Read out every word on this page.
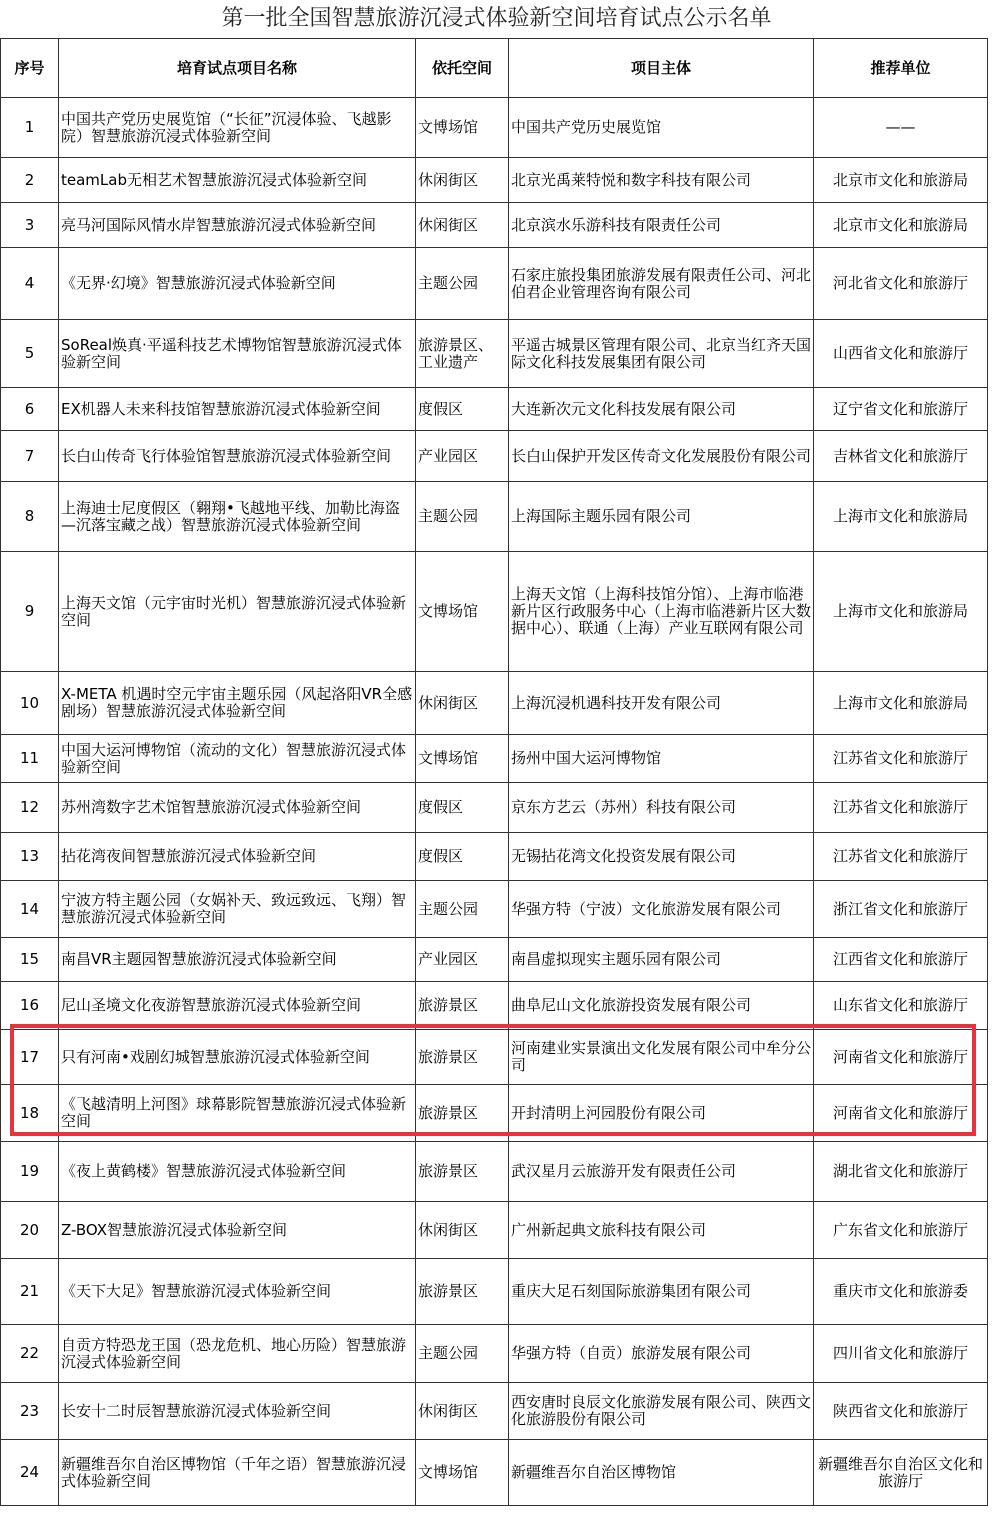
第一批全国智慧旅游沉浸式体验新空间培育试点公示名单
序号	培育试点项目名称	依托空间	项目主体	推荐单位
1	中国共产党历史展览馆（“长征”沉浸体验、飞越影院）智慧旅游沉浸式体验新空间	文博场馆	中国共产党历史展览馆	——
2	teamLab无相艺术智慧旅游沉浸式体验新空间	休闲街区	北京光禹莱特悦和数字科技有限公司	北京市文化和旅游局
3	亮马河国际风情水岸智慧旅游沉浸式体验新空间	休闲街区	北京滨水乐游科技有限责任公司	北京市文化和旅游局
4	《无界·幻境》智慧旅游沉浸式体验新空间	主题公园	石家庄旅投集团旅游发展有限责任公司、河北伯君企业管理咨询有限公司	河北省文化和旅游厅
5	SoReal焕真·平遥科技艺术博物馆智慧旅游沉浸式体验新空间	旅游景区、工业遗产	平遥古城景区管理有限公司、北京当红齐天国际文化科技发展集团有限公司	山西省文化和旅游厅
6	EX机器人未来科技馆智慧旅游沉浸式体验新空间	度假区	大连新次元文化科技发展有限公司	辽宁省文化和旅游厅
7	长白山传奇飞行体验馆智慧旅游沉浸式体验新空间	产业园区	长白山保护开发区传奇文化发展股份有限公司	吉林省文化和旅游厅
8	上海迪士尼度假区（翱翔•飞越地平线、加勒比海盗—沉落宝藏之战）智慧旅游沉浸式体验新空间	主题公园	上海国际主题乐园有限公司	上海市文化和旅游局
9	上海天文馆（元宇宙时光机）智慧旅游沉浸式体验新空间	文博场馆	上海天文馆（上海科技馆分馆）、上海市临港新片区行政服务中心（上海市临港新片区大数据中心）、联通（上海）产业互联网有限公司	上海市文化和旅游局
10	X-META 机遇时空元宇宙主题乐园（风起洛阳VR全感剧场）智慧旅游沉浸式体验新空间	休闲街区	上海沉浸机遇科技开发有限公司	上海市文化和旅游局
11	中国大运河博物馆（流动的文化）智慧旅游沉浸式体验新空间	文博场馆	扬州中国大运河博物馆	江苏省文化和旅游厅
12	苏州湾数字艺术馆智慧旅游沉浸式体验新空间	度假区	京东方艺云（苏州）科技有限公司	江苏省文化和旅游厅
13	拈花湾夜间智慧旅游沉浸式体验新空间	度假区	无锡拈花湾文化投资发展有限公司	江苏省文化和旅游厅
14	宁波方特主题公园（女娲补天、致远致远、飞翔）智慧旅游沉浸式体验新空间	主题公园	华强方特（宁波）文化旅游发展有限公司	浙江省文化和旅游厅
15	南昌VR主题园智慧旅游沉浸式体验新空间	产业园区	南昌虚拟现实主题乐园有限公司	江西省文化和旅游厅
16	尼山圣境文化夜游智慧旅游沉浸式体验新空间	旅游景区	曲阜尼山文化旅游投资发展有限公司	山东省文化和旅游厅
17	只有河南•戏剧幻城智慧旅游沉浸式体验新空间	旅游景区	河南建业实景演出文化发展有限公司中牟分公司	河南省文化和旅游厅
18	《飞越清明上河图》球幕影院智慧旅游沉浸式体验新空间	旅游景区	开封清明上河园股份有限公司	河南省文化和旅游厅
19	《夜上黄鹤楼》智慧旅游沉浸式体验新空间	旅游景区	武汉星月云旅游开发有限责任公司	湖北省文化和旅游厅
20	Z-BOX智慧旅游沉浸式体验新空间	休闲街区	广州新起典文旅科技有限公司	广东省文化和旅游厅
21	《天下大足》智慧旅游沉浸式体验新空间	旅游景区	重庆大足石刻国际旅游集团有限公司	重庆市文化和旅游委
22	自贡方特恐龙王国（恐龙危机、地心历险）智慧旅游沉浸式体验新空间	主题公园	华强方特（自贡）旅游发展有限公司	四川省文化和旅游厅
23	长安十二时辰智慧旅游沉浸式体验新空间	休闲街区	西安唐时良辰文化旅游发展有限公司、陕西文化旅游股份有限公司	陕西省文化和旅游厅
24	新疆维吾尔自治区博物馆（千年之语）智慧旅游沉浸式体验新空间	文博场馆	新疆维吾尔自治区博物馆	新疆维吾尔自治区文化和旅游厅
